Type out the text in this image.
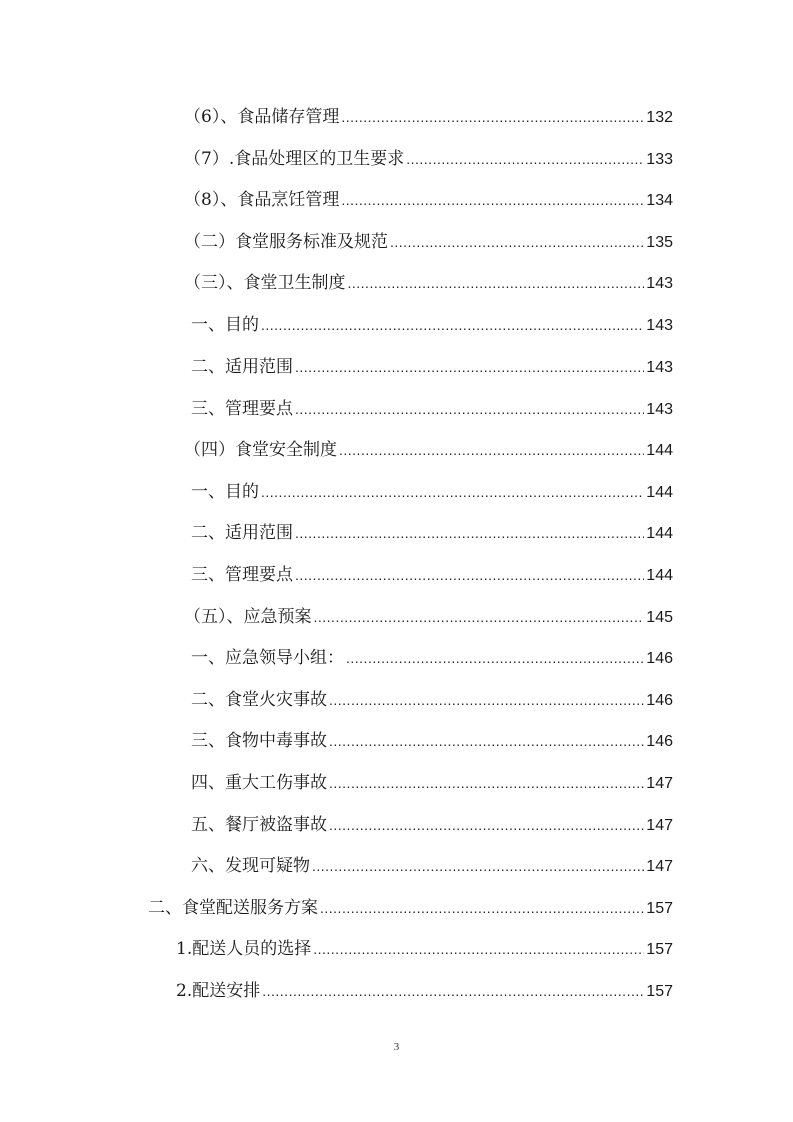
（6）、食品储存管理 .....	132
（7）.食品处理区的卫生要求 .....	133
（8）、食品烹饪管理 .....	134
（二）食堂服务标准及规范 .....	135
（三）、食堂卫生制度 .....	143
一、目的 .....	143
二、适用范围 .....	143
三、管理要点 .....	143
（四）食堂安全制度 .....	144
一、目的 .....	144
二、适用范围 .....	144
三、管理要点 .....	144
（五）、应急预案 .....	145
一、应急领导小组： .....	146
二、食堂火灾事故 .....	146
三、食物中毒事故 .....	146
四、重大工伤事故 .....	147
五、餐厅被盗事故 .....	147
六、发现可疑物 .....	147
二、食堂配送服务方案 .....	157
1.配送人员的选择 .....	157
2.配送安排 .....	157
3
